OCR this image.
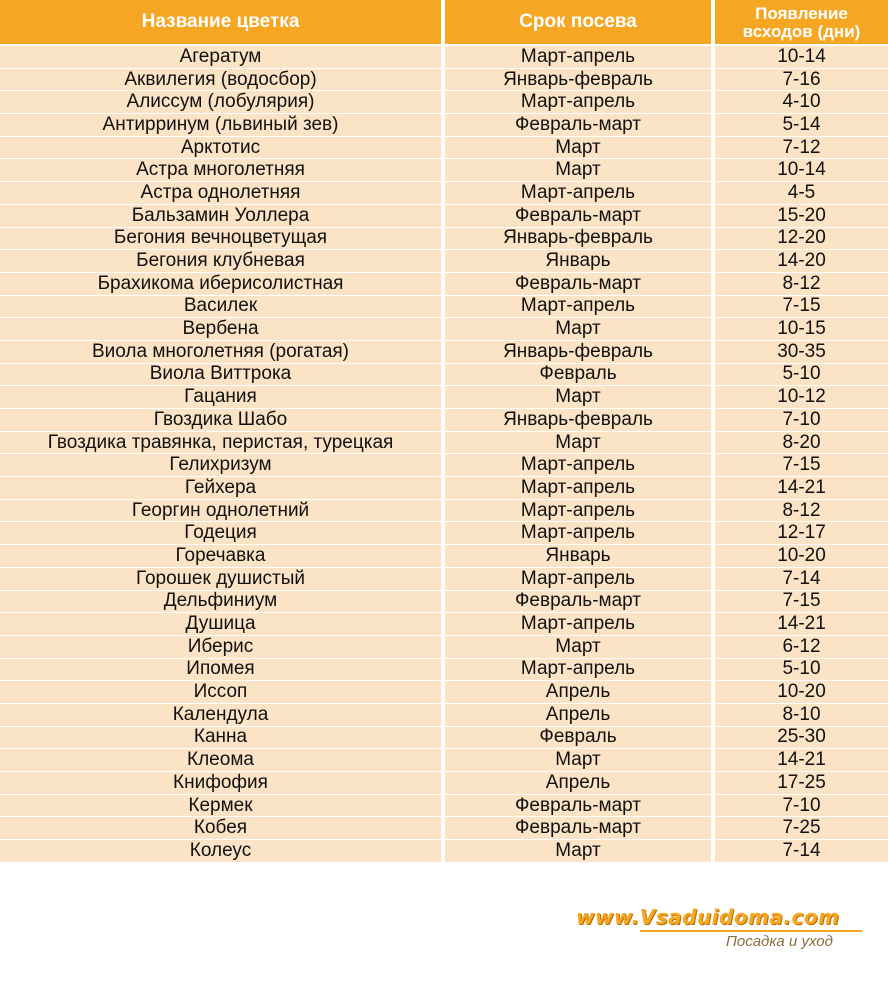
Название цветка	Срок посева	Появление
всходов (дни)
Агератум	Март-апрель	10-14
Аквилегия (водосбор)	Январь-февраль	7-16
Алиссум (лобулярия)	Март-апрель	4-10
Антирринум (львиный зев)	Февраль-март	5-14
Арктотис	Март	7-12
Астра многолетняя	Март	10-14
Астра однолетняя	Март-апрель	4-5
Бальзамин Уоллера	Февраль-март	15-20
Бегония вечноцветущая	Январь-февраль	12-20
Бегония клубневая	Январь	14-20
Брахикома иберисолистная	Февраль-март	8-12
Василек	Март-апрель	7-15
Вербена	Март	10-15
Виола многолетняя (рогатая)	Январь-февраль	30-35
Виола Виттрока	Февраль	5-10
Гацания	Март	10-12
Гвоздика Шабо	Январь-февраль	7-10
Гвоздика травянка, перистая, турецкая	Март	8-20
Гелихризум	Март-апрель	7-15
Гейхера	Март-апрель	14-21
Георгин однолетний	Март-апрель	8-12
Годеция	Март-апрель	12-17
Горечавка	Январь	10-20
Горошек душистый	Март-апрель	7-14
Дельфиниум	Февраль-март	7-15
Душица	Март-апрель	14-21
Иберис	Март	6-12
Ипомея	Март-апрель	5-10
Иссоп	Апрель	10-20
Календула	Апрель	8-10
Канна	Февраль	25-30
Клеома	Март	14-21
Книфофия	Апрель	17-25
Кермек	Февраль-март	7-10
Кобея	Февраль-март	7-25
Колеус	Март	7-14
www.Vsaduidoma.com
Посадка и уход
